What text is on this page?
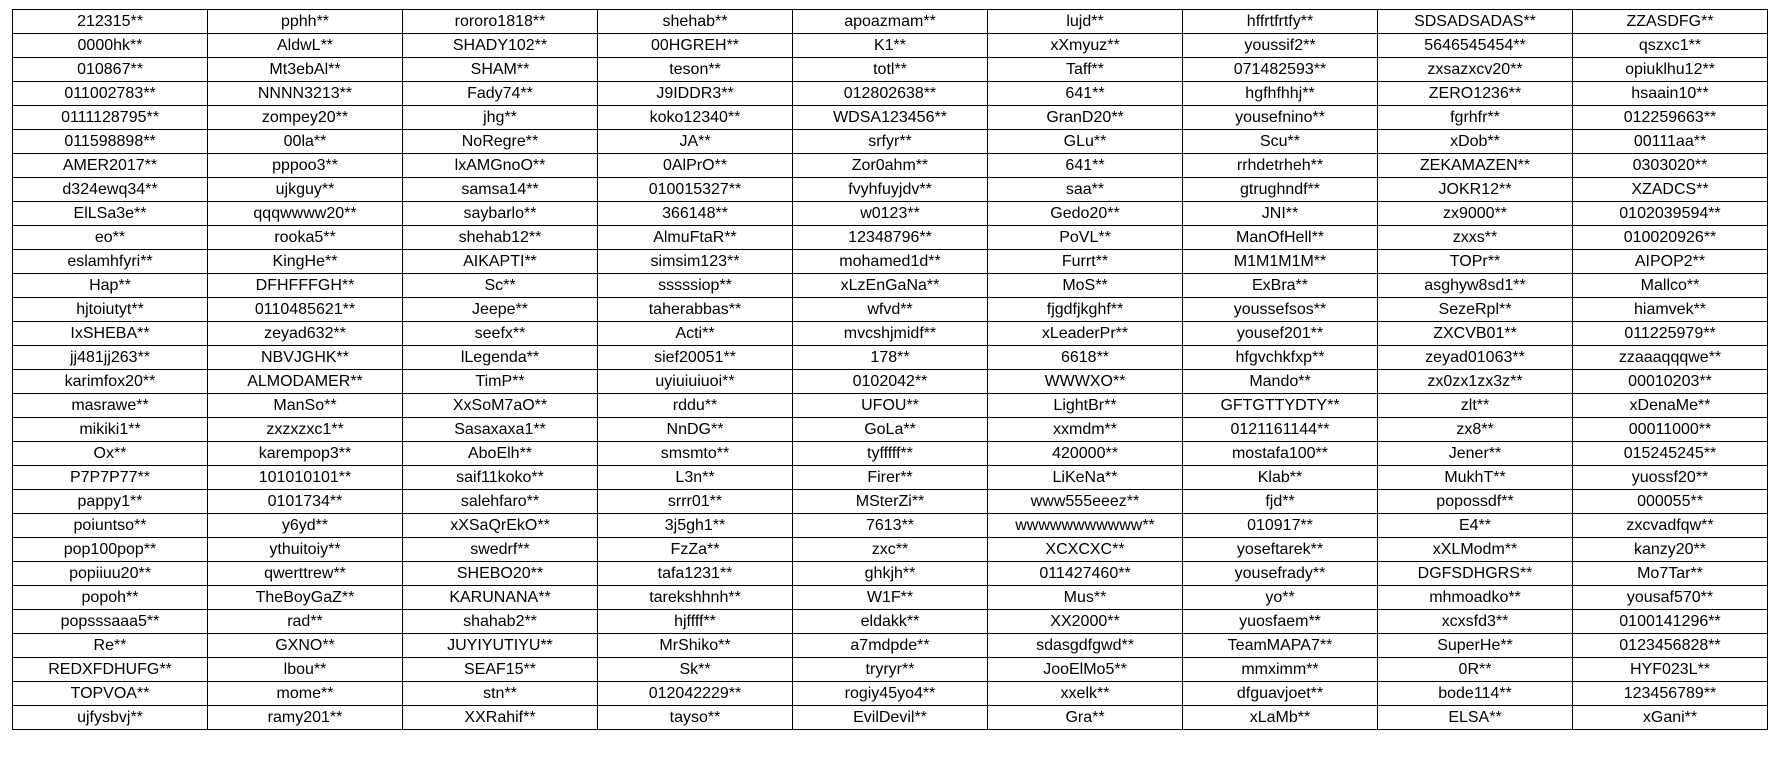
212315**	pphh**	rororo1818**	shehab**	apoazmam**	lujd**	hffrtfrtfy**	SDSADSADAS**	ZZASDFG**
0000hk**	AldwL**	SHADY102**	00HGREH**	K1**	xXmyuz**	youssif2**	5646545454**	qszxc1**
010867**	Mt3ebAl**	SHAM**	teson**	totl**	Taff**	071482593**	zxsazxcv20**	opiuklhu12**
011002783**	NNNN3213**	Fady74**	J9IDDR3**	012802638**	641**	hgfhfhhj**	ZERO1236**	hsaain10**
0111128795**	zompey20**	jhg**	koko12340**	WDSA123456**	GranD20**	yousefnino**	fgrhfr**	012259663**
011598898**	00la**	NoRegre**	JA**	srfyr**	GLu**	Scu**	xDob**	00111aa**
AMER2017**	pppoo3**	lxAMGnoO**	0AlPrO**	Zor0ahm**	641**	rrhdetrheh**	ZEKAMAZEN**	0303020**
d324ewq34**	ujkguy**	samsa14**	010015327**	fvyhfuyjdv**	saa**	gtrughndf**	JOKR12**	XZADCS**
ElLSa3e**	qqqwwww20**	saybarlo**	366148**	w0123**	Gedo20**	JNI**	zx9000**	0102039594**
eo**	rooka5**	shehab12**	AlmuFtaR**	12348796**	PoVL**	ManOfHell**	zxxs**	010020926**
eslamhfyri**	KingHe**	AIKAPTI**	simsim123**	mohamed1d**	Furrt**	M1M1M1M**	TOPr**	AIPOP2**
Hap**	DFHFFFGH**	Sc**	sssssiop**	xLzEnGaNa**	MoS**	ExBra**	asghyw8sd1**	Mallco**
hjtoiutyt**	0110485621**	Jeepe**	taherabbas**	wfvd**	fjgdfjkghf**	youssefsos**	SezeRpl**	hiamvek**
IxSHEBA**	zeyad632**	seefx**	Acti**	mvcshjmidf**	xLeaderPr**	yousef201**	ZXCVB01**	011225979**
jj481jj263**	NBVJGHK**	lLegenda**	sief20051**	178**	6618**	hfgvchkfxp**	zeyad01063**	zzaaaqqqwe**
karimfox20**	ALMODAMER**	TimP**	uyiuiuiuoi**	0102042**	WWWXO**	Mando**	zx0zx1zx3z**	00010203**
masrawe**	ManSo**	XxSoM7aO**	rddu**	UFOU**	LightBr**	GFTGTTYDTY**	zlt**	xDenaMe**
mikiki1**	zxzxzxc1**	Sasaxaxa1**	NnDG**	GoLa**	xxmdm**	0121161144**	zx8**	00011000**
Ox**	karempop3**	AboElh**	smsmto**	tyfffff**	420000**	mostafa100**	Jener**	015245245**
P7P7P77**	101010101**	saif11koko**	L3n**	Firer**	LiKeNa**	Klab**	MukhT**	yuossf20**
pappy1**	0101734**	salehfaro**	srrr01**	MSterZi**	www555eeez**	fjd**	popossdf**	000055**
poiuntso**	y6yd**	xXSaQrEkO**	3j5gh1**	7613**	wwwwwwwwwww**	010917**	E4**	zxcvadfqw**
pop100pop**	ythuitoiy**	swedrf**	FzZa**	zxc**	XCXCXC**	yoseftarek**	xXLModm**	kanzy20**
popiiuu20**	qwerttrew**	SHEBO20**	tafa1231**	ghkjh**	011427460**	yousefrady**	DGFSDHGRS**	Mo7Tar**
popoh**	TheBoyGaZ**	KARUNANA**	tarekshhnh**	W1F**	Mus**	yo**	mhmoadko**	yousaf570**
popsssaaa5**	rad**	shahab2**	hjffff**	eldakk**	XX2000**	yuosfaem**	xcxsfd3**	0100141296**
Re**	GXNO**	JUYIYUTIYU**	MrShiko**	a7mdpde**	sdasgdfgwd**	TeamMAPA7**	SuperHe**	0123456828**
REDXFDHUFG**	lbou**	SEAF15**	Sk**	tryryr**	JooElMo5**	mmximm**	0R**	HYF023L**
TOPVOA**	mome**	stn**	012042229**	rogiy45yo4**	xxelk**	dfguavjoet**	bode114**	123456789**
ujfysbvj**	ramy201**	XXRahif**	tayso**	EvilDevil**	Gra**	xLaMb**	ELSA**	xGani**
